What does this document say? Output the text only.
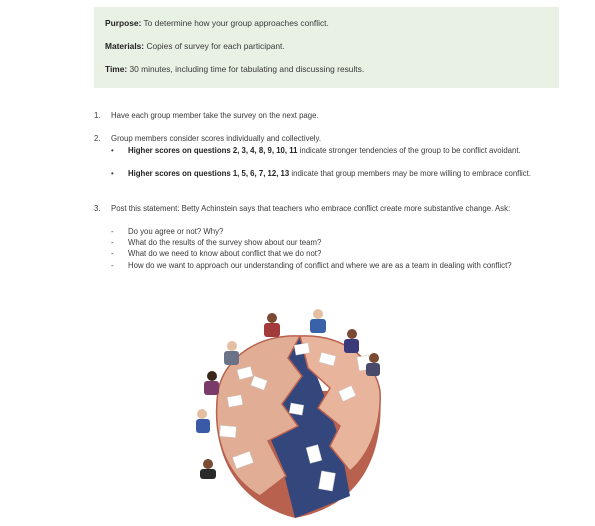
Purpose: To determine how your group approaches conflict.
Materials: Copies of survey for each participant.
Time: 30 minutes, including time for tabulating and discussing results.
1. Have each group member take the survey on the next page.
2. Group members consider scores individually and collectively.
• Higher scores on questions 2, 3, 4, 8, 9, 10, 11 indicate stronger tendencies of the group to be conflict avoidant.
• Higher scores on questions 1, 5, 6, 7, 12, 13 indicate that group members may be more willing to embrace conflict.
3. Post this statement: Betty Achinstein says that teachers who embrace conflict create more substantive change. Ask:
- Do you agree or not? Why?
- What do the results of the survey show about our team?
- What do we need to know about conflict that we do not?
- How do we want to approach our understanding of conflict and where we are as a team in dealing with conflict?
